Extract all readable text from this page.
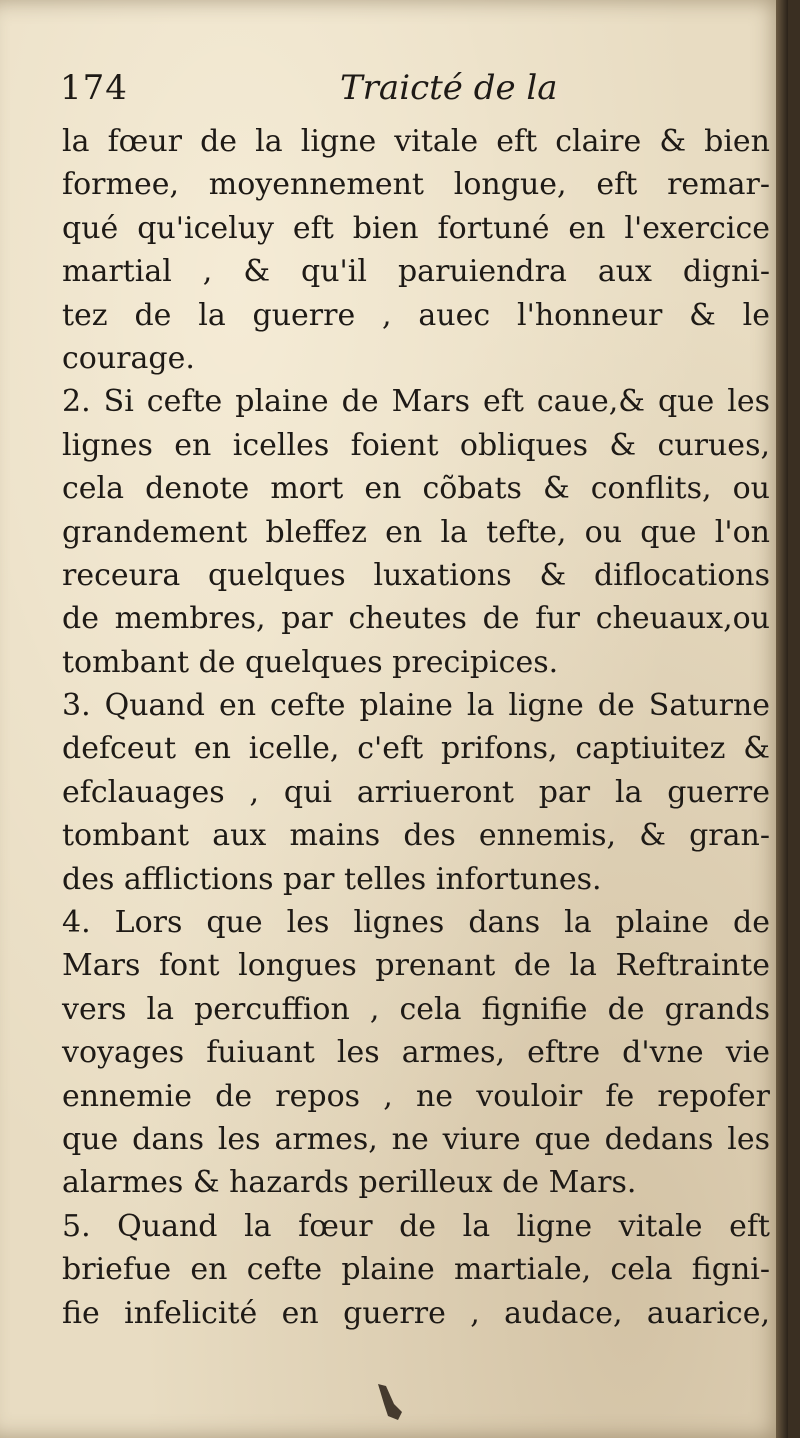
174	Traicté de la
la fœur de la ligne vitale eft claire & bien
formee, moyennement longue, eft remar-
qué qu'iceluy eft bien fortuné en l'exercice
martial , & qu'il paruiendra aux digni-
tez de la guerre , auec l'honneur & le
courage.
2. Si cefte plaine de Mars eft caue,& que les
lignes en icelles foient obliques & curues,
cela denote mort en cõbats & conflits, ou
grandement bleffez en la tefte, ou que l'on
receura quelques luxations & diflocations
de membres, par cheutes de fur cheuaux,ou
tombant de quelques precipices.
3. Quand en cefte plaine la ligne de Saturne
defceut en icelle, c'eft prifons, captiuitez &
efclauages , qui arriueront par la guerre
tombant aux mains des ennemis, & gran-
des afflictions par telles infortunes.
4. Lors que les lignes dans la plaine de
Mars font longues prenant de la Reftrainte
vers la percuffion , cela fignifie de grands
voyages fuiuant les armes, eftre d'vne vie
ennemie de repos , ne vouloir fe repofer
que dans les armes, ne viure que dedans les
alarmes & hazards perilleux de Mars.
5. Quand la fœur de la ligne vitale eft
briefue en cefte plaine martiale, cela figni-
fie infelicité en guerre , audace, auarice,
